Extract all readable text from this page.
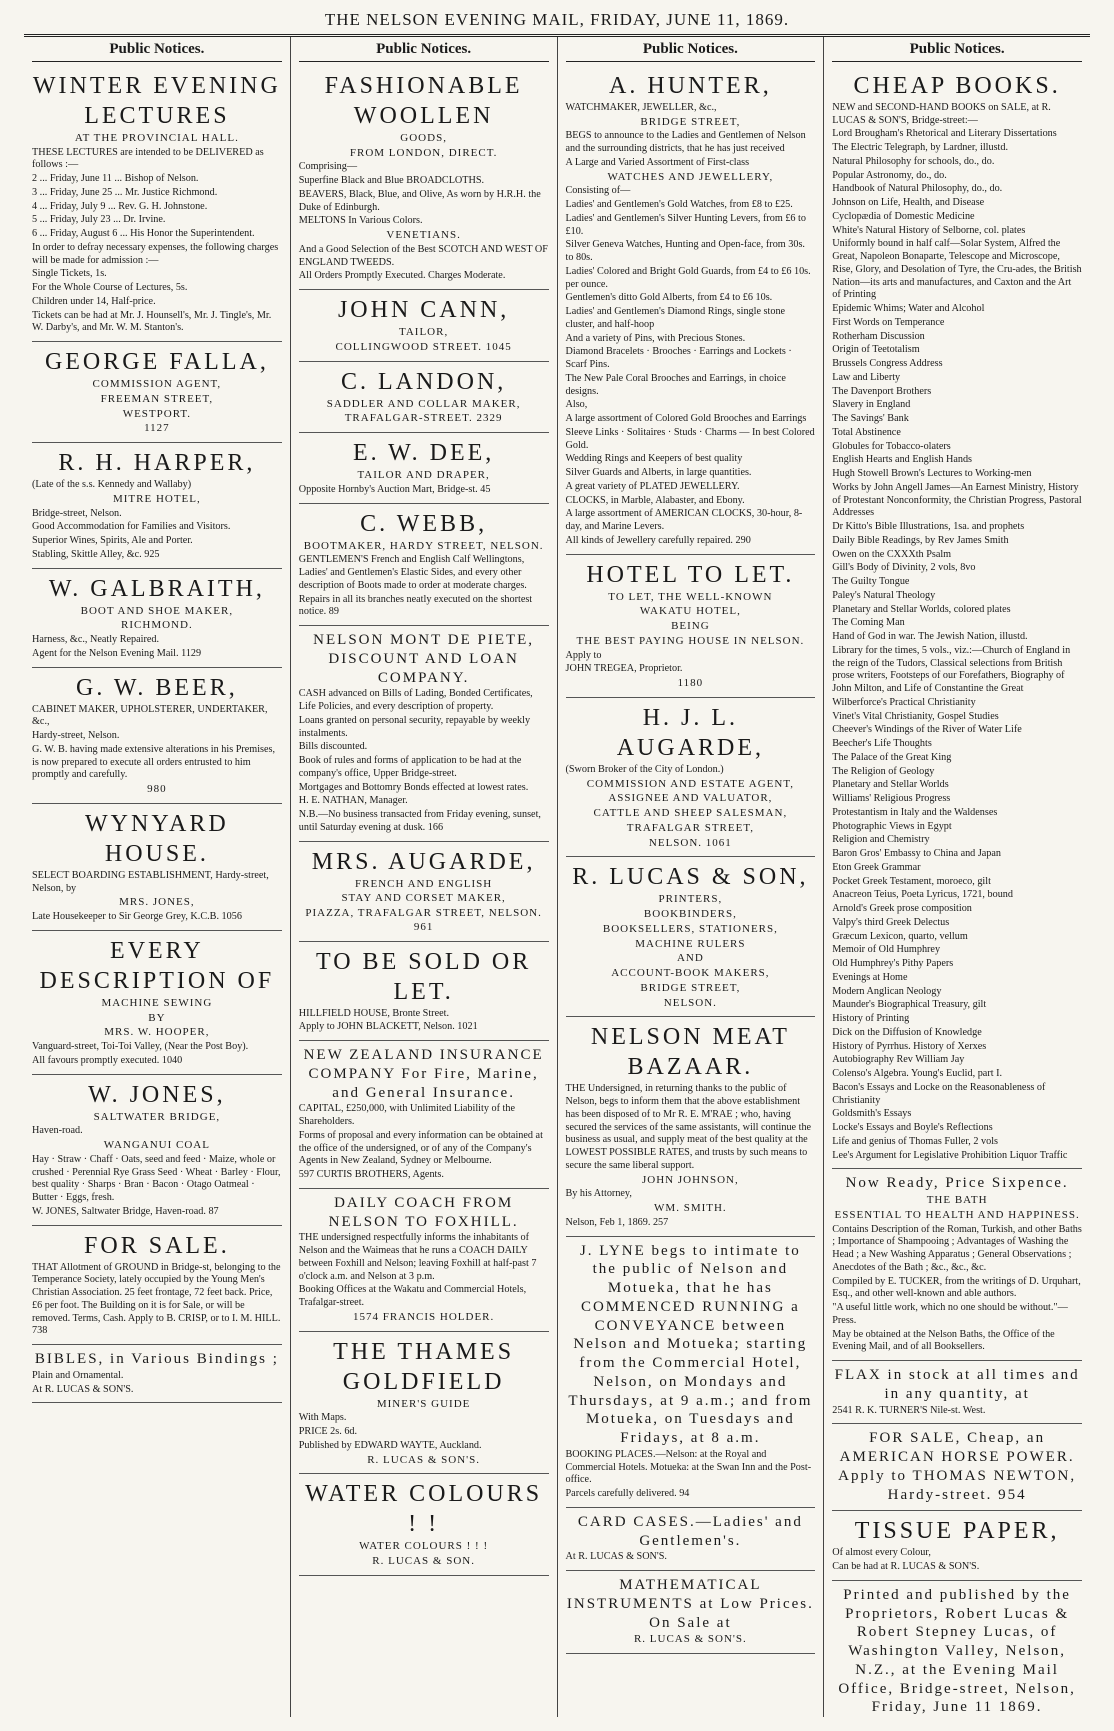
THE NELSON EVENING MAIL, FRIDAY, JUNE 11, 1869.
Public Notices.

WINTER EVENING LECTURES

AT THE PROVINCIAL HALL.

THESE LECTURES are intended to be DELIVERED as follows :—

2 ... Friday, June 11 ... Bishop of Nelson.

3 ... Friday, June 25 ... Mr. Justice Richmond.

4 ... Friday, July 9 ... Rev. G. H. Johnstone.

5 ... Friday, July 23 ... Dr. Irvine.

6 ... Friday, August 6 ... His Honor the Superintendent.

In order to defray necessary expenses, the following charges will be made for admission :—

Single Tickets, 1s.

For the Whole Course of Lectures, 5s.

Children under 14, Half-price.

Tickets can be had at Mr. J. Hounsell's, Mr. J. Tingle's, Mr. W. Darby's, and Mr. W. M. Stanton's.

GEORGE FALLA,

COMMISSION AGENT,

FREEMAN STREET,

WESTPORT.

1127

R. H. HARPER,

(Late of the s.s. Kennedy and Wallaby)

MITRE HOTEL,

Bridge-street, Nelson.

Good Accommodation for Families and Visitors.

Superior Wines, Spirits, Ale and Porter.

Stabling, Skittle Alley, &c. 925

W. GALBRAITH,

BOOT AND SHOE MAKER,

RICHMOND.

Harness, &c., Neatly Repaired.

Agent for the Nelson Evening Mail. 1129

G. W. BEER,

CABINET MAKER, UPHOLSTERER, UNDERTAKER, &c.,

Hardy-street, Nelson.

G. W. B. having made extensive alterations in his Premises, is now prepared to execute all orders entrusted to him promptly and carefully.

980

WYNYARD HOUSE.

SELECT BOARDING ESTABLISHMENT, Hardy-street, Nelson, by

MRS. JONES,

Late Housekeeper to Sir George Grey, K.C.B. 1056

EVERY DESCRIPTION OF

MACHINE SEWING

BY

MRS. W. HOOPER,

Vanguard-street, Toi-Toi Valley, (Near the Post Boy).

All favours promptly executed. 1040

W. JONES,

SALTWATER BRIDGE,

Haven-road.

WANGANUI COAL

Hay · Straw · Chaff · Oats, seed and feed · Maize, whole or crushed · Perennial Rye Grass Seed · Wheat · Barley · Flour, best quality · Sharps · Bran · Bacon · Otago Oatmeal · Butter · Eggs, fresh.

W. JONES, Saltwater Bridge, Haven-road. 87

FOR SALE.

THAT Allotment of GROUND in Bridge-st, belonging to the Temperance Society, lately occupied by the Young Men's Christian Association. 25 feet frontage, 72 feet back. Price, £6 per foot. The Building on it is for Sale, or will be removed. Terms, Cash. Apply to B. CRISP, or to I. M. HILL. 738

BIBLES, in Various Bindings ;

Plain and Ornamental.

At R. LUCAS & SON'S.

Public Notices.

FASHIONABLE WOOLLEN

GOODS,

FROM LONDON, DIRECT.

Comprising—

Superfine Black and Blue BROADCLOTHS.

BEAVERS, Black, Blue, and Olive, As worn by H.R.H. the Duke of Edinburgh.

MELTONS In Various Colors.

VENETIANS.

And a Good Selection of the Best SCOTCH AND WEST OF ENGLAND TWEEDS.

All Orders Promptly Executed. Charges Moderate.

JOHN CANN,

TAILOR,

COLLINGWOOD STREET. 1045

C. LANDON,

SADDLER AND COLLAR MAKER,

TRAFALGAR-STREET. 2329

E. W. DEE,

TAILOR AND DRAPER,

Opposite Hornby's Auction Mart, Bridge-st. 45

C. WEBB,

BOOTMAKER, HARDY STREET, NELSON.

GENTLEMEN'S French and English Calf Wellingtons, Ladies' and Gentlemen's Elastic Sides, and every other description of Boots made to order at moderate charges.

Repairs in all its branches neatly executed on the shortest notice. 89

NELSON MONT DE PIETE, DISCOUNT AND LOAN COMPANY.

CASH advanced on Bills of Lading, Bonded Certificates, Life Policies, and every description of property.

Loans granted on personal security, repayable by weekly instalments.

Bills discounted.

Book of rules and forms of application to be had at the company's office, Upper Bridge-street.

Mortgages and Bottomry Bonds effected at lowest rates.

H. E. NATHAN, Manager.

N.B.—No business transacted from Friday evening, sunset, until Saturday evening at dusk. 166

MRS. AUGARDE,

FRENCH AND ENGLISH

STAY AND CORSET MAKER,

PIAZZA, TRAFALGAR STREET, NELSON. 961

TO BE SOLD OR LET.

HILLFIELD HOUSE, Bronte Street.

Apply to JOHN BLACKETT, Nelson. 1021

NEW ZEALAND INSURANCE COMPANY For Fire, Marine, and General Insurance.

CAPITAL, £250,000, with Unlimited Liability of the Shareholders.

Forms of proposal and every information can be obtained at the office of the undersigned, or of any of the Company's Agents in New Zealand, Sydney or Melbourne.

597 CURTIS BROTHERS, Agents.

DAILY COACH FROM NELSON TO FOXHILL.

THE undersigned respectfully informs the inhabitants of Nelson and the Waimeas that he runs a COACH DAILY between Foxhill and Nelson; leaving Foxhill at half-past 7 o'clock a.m. and Nelson at 3 p.m.

Booking Offices at the Wakatu and Commercial Hotels, Trafalgar-street.

1574 FRANCIS HOLDER.

THE THAMES GOLDFIELD

MINER'S GUIDE

With Maps.

PRICE 2s. 6d.

Published by EDWARD WAYTE, Auckland.

R. LUCAS & SON'S.

WATER COLOURS ! !

WATER COLOURS ! ! !

R. LUCAS & SON.

Public Notices.

A. HUNTER,

WATCHMAKER, JEWELLER, &c.,

BRIDGE STREET,

BEGS to announce to the Ladies and Gentlemen of Nelson and the surrounding districts, that he has just received

A Large and Varied Assortment of First-class

WATCHES AND JEWELLERY,

Consisting of—

Ladies' and Gentlemen's Gold Watches, from £8 to £25.

Ladies' and Gentlemen's Silver Hunting Levers, from £6 to £10.

Silver Geneva Watches, Hunting and Open-face, from 30s. to 80s.

Ladies' Colored and Bright Gold Guards, from £4 to £6 10s. per ounce.

Gentlemen's ditto Gold Alberts, from £4 to £6 10s.

Ladies' and Gentlemen's Diamond Rings, single stone cluster, and half-hoop

And a variety of Pins, with Precious Stones.

Diamond Bracelets · Brooches · Earrings and Lockets · Scarf Pins.

The New Pale Coral Brooches and Earrings, in choice designs.

Also,

A large assortment of Colored Gold Brooches and Earrings

Sleeve Links · Solitaires · Studs · Charms — In best Colored Gold.

Wedding Rings and Keepers of best quality

Silver Guards and Alberts, in large quantities.

A great variety of PLATED JEWELLERY.

CLOCKS, in Marble, Alabaster, and Ebony.

A large assortment of AMERICAN CLOCKS, 30-hour, 8-day, and Marine Levers.

All kinds of Jewellery carefully repaired. 290

HOTEL TO LET.

TO LET, THE WELL-KNOWN

WAKATU HOTEL,

BEING

THE BEST PAYING HOUSE IN NELSON.

Apply to

JOHN TREGEA, Proprietor.

1180

H. J. L. AUGARDE,

(Sworn Broker of the City of London.)

COMMISSION AND ESTATE AGENT,

ASSIGNEE AND VALUATOR,

CATTLE AND SHEEP SALESMAN,

TRAFALGAR STREET,

NELSON. 1061

R. LUCAS & SON,

PRINTERS,

BOOKBINDERS,

BOOKSELLERS, STATIONERS,

MACHINE RULERS

AND

ACCOUNT-BOOK MAKERS,

BRIDGE STREET,

NELSON.

NELSON MEAT BAZAAR.

THE Undersigned, in returning thanks to the public of Nelson, begs to inform them that the above establishment has been disposed of to Mr R. E. M'RAE ; who, having secured the services of the same assistants, will continue the business as usual, and supply meat of the best quality at the LOWEST POSSIBLE RATES, and trusts by such means to secure the same liberal support.

JOHN JOHNSON,

By his Attorney,

WM. SMITH.

Nelson, Feb 1, 1869. 257

J. LYNE begs to intimate to the public of Nelson and Motueka, that he has COMMENCED RUNNING a CONVEYANCE between Nelson and Motueka; starting from the Commercial Hotel, Nelson, on Mondays and Thursdays, at 9 a.m.; and from Motueka, on Tuesdays and Fridays, at 8 a.m.

BOOKING PLACES.—Nelson: at the Royal and Commercial Hotels. Motueka: at the Swan Inn and the Post-office.

Parcels carefully delivered. 94

CARD CASES.—Ladies' and Gentlemen's.

At R. LUCAS & SON'S.

MATHEMATICAL INSTRUMENTS at Low Prices. On Sale at

R. LUCAS & SON'S.

Public Notices.

CHEAP BOOKS.

NEW and SECOND-HAND BOOKS on SALE, at R. LUCAS & SON'S, Bridge-street:—

Lord Brougham's Rhetorical and Literary Dissertations

The Electric Telegraph, by Lardner, illustd.

Natural Philosophy for schools, do., do.

Popular Astronomy, do., do.

Handbook of Natural Philosophy, do., do.

Johnson on Life, Health, and Disease

Cyclopædia of Domestic Medicine

White's Natural History of Selborne, col. plates

Uniformly bound in half calf—Solar System, Alfred the Great, Napoleon Bonaparte, Telescope and Microscope, Rise, Glory, and Desolation of Tyre, the Cru-ades, the British Nation—its arts and manufactures, and Caxton and the Art of Printing

Epidemic Whims; Water and Alcohol

First Words on Temperance

Rotherham Discussion

Origin of Teetotalism

Brussels Congress Address

Law and Liberty

The Davenport Brothers

Slavery in England

The Savings' Bank

Total Abstinence

Globules for Tobacco-olaters

English Hearts and English Hands

Hugh Stowell Brown's Lectures to Working-men

Works by John Angell James—An Earnest Ministry, History of Protestant Nonconformity, the Christian Progress, Pastoral Addresses

Dr Kitto's Bible Illustrations, 1sa. and prophets

Daily Bible Readings, by Rev James Smith

Owen on the CXXXth Psalm

Gill's Body of Divinity, 2 vols, 8vo

The Guilty Tongue

Paley's Natural Theology

Planetary and Stellar Worlds, colored plates

The Coming Man

Hand of God in war. The Jewish Nation, illustd.

Library for the times, 5 vols., viz.:—Church of England in the reign of the Tudors, Classical selections from British prose writers, Footsteps of our Forefathers, Biography of John Milton, and Life of Constantine the Great

Wilberforce's Practical Christianity

Vinet's Vital Christianity, Gospel Studies

Cheever's Windings of the River of Water Life

Beecher's Life Thoughts

The Palace of the Great King

The Religion of Geology

Planetary and Stellar Worlds

Williams' Religious Progress

Protestantism in Italy and the Waldenses

Photographic Views in Egypt

Religion and Chemistry

Baron Gros' Embassy to China and Japan

Eton Greek Grammar

Pocket Greek Testament, moroeco, gilt

Anacreon Teius, Poeta Lyricus, 1721, bound

Arnold's Greek prose composition

Valpy's third Greek Delectus

Græcum Lexicon, quarto, vellum

Memoir of Old Humphrey

Old Humphrey's Pithy Papers

Evenings at Home

Modern Anglican Neology

Maunder's Biographical Treasury, gilt

History of Printing

Dick on the Diffusion of Knowledge

History of Pyrrhus. History of Xerxes

Autobiography Rev William Jay

Colenso's Algebra. Young's Euclid, part I.

Bacon's Essays and Locke on the Reasonableness of Christianity

Goldsmith's Essays

Locke's Essays and Boyle's Reflections

Life and genius of Thomas Fuller, 2 vols

Lee's Argument for Legislative Prohibition Liquor Traffic

Now Ready, Price Sixpence.

THE BATH

ESSENTIAL TO HEALTH AND HAPPINESS.

Contains Description of the Roman, Turkish, and other Baths ; Importance of Shampooing ; Advantages of Washing the Head ; a New Washing Apparatus ; General Observations ; Anecdotes of the Bath ; &c., &c., &c.

Compiled by E. TUCKER, from the writings of D. Urquhart, Esq., and other well-known and able authors.

"A useful little work, which no one should be without."—Press.

May be obtained at the Nelson Baths, the Office of the Evening Mail, and of all Booksellers.

FLAX in stock at all times and in any quantity, at

2541 R. K. TURNER'S Nile-st. West.

FOR SALE, Cheap, an AMERICAN HORSE POWER. Apply to THOMAS NEWTON, Hardy-street. 954

TISSUE PAPER,

Of almost every Colour,

Can be had at R. LUCAS & SON'S.

Printed and published by the Proprietors, Robert Lucas & Robert Stepney Lucas, of Washington Valley, Nelson, N.Z., at the Evening Mail Office, Bridge-street, Nelson, Friday, June 11 1869.
